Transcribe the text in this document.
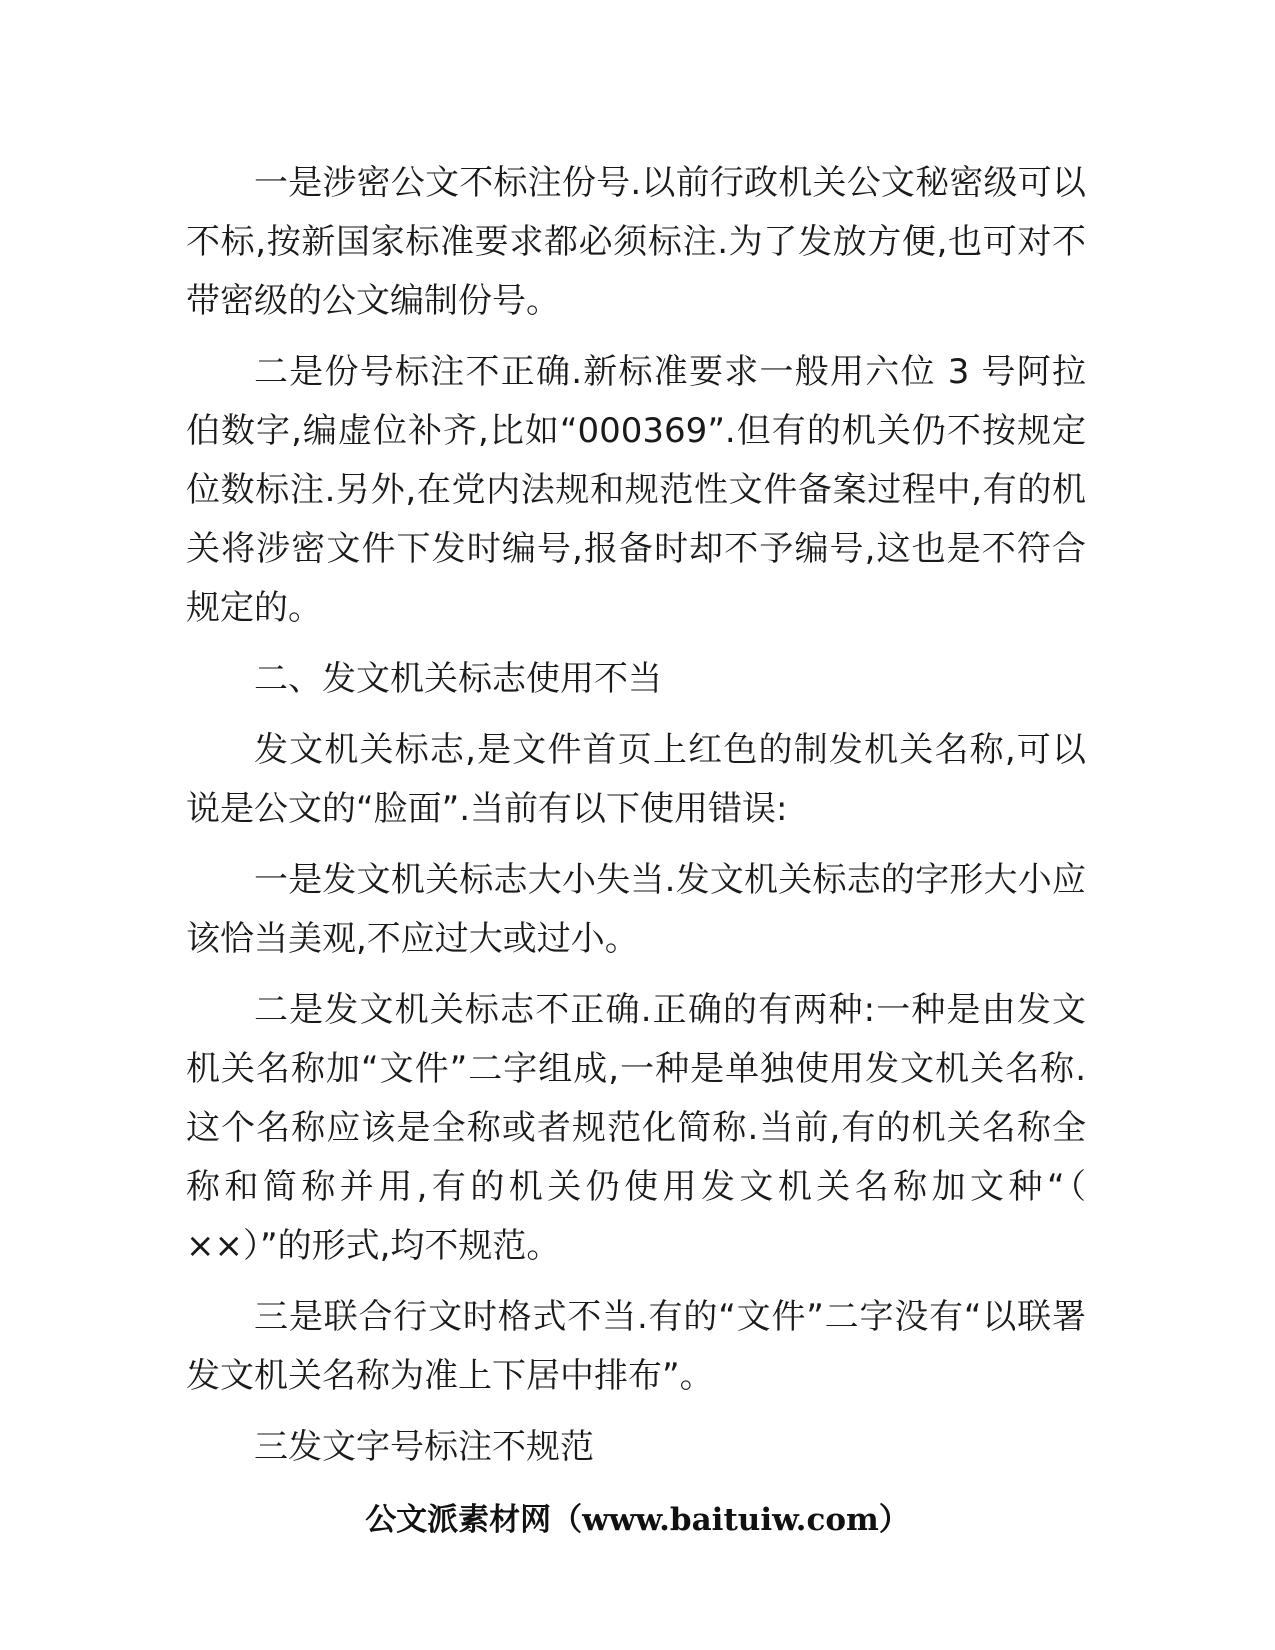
一是涉密公文不标注份号.以前行政机关公文秘密级可以不标,按新国家标准要求都必须标注.为了发放方便,也可对不带密级的公文编制份号。

二是份号标注不正确.新标准要求一般用六位 3 号阿拉伯数字,编虚位补齐,比如“000369”.但有的机关仍不按规定位数标注.另外,在党内法规和规范性文件备案过程中,有的机关将涉密文件下发时编号,报备时却不予编号,这也是不符合规定的。

二、发文机关标志使用不当

发文机关标志,是文件首页上红色的制发机关名称,可以说是公文的“脸面”.当前有以下使用错误:

一是发文机关标志大小失当.发文机关标志的字形大小应该恰当美观,不应过大或过小。

二是发文机关标志不正确.正确的有两种:一种是由发文机关名称加“文件”二字组成,一种是单独使用发文机关名称.这个名称应该是全称或者规范化简称.当前,有的机关名称全称和简称并用,有的机关仍使用发文机关名称加文种“（ ××）”的形式,均不规范。

三是联合行文时格式不当.有的“文件”二字没有“以联署发文机关名称为准上下居中排布”。

三发文字号标注不规范

公文派素材网（www.baituiw.com）
